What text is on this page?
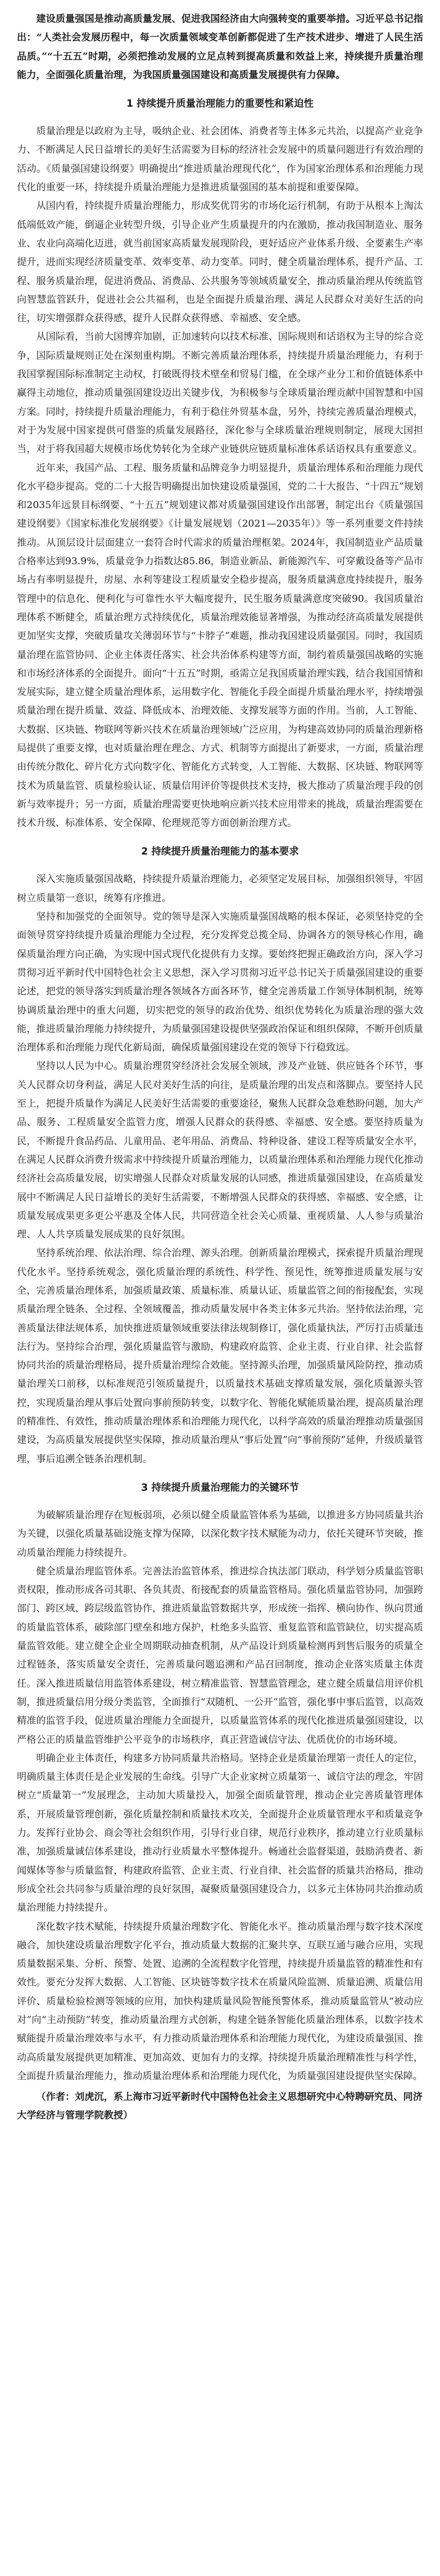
建设质量强国是推动高质量发展、促进我国经济由大向强转变的重要举措。习近平总书记指出：“人类社会发展历程中，每一次质量领域变革创新都促进了生产技术进步、增进了人民生活品质。”“十五五”时期，必须把推动发展的立足点转到提高质量和效益上来，持续提升质量治理能力，全面强化质量治理，为我国质量强国建设和高质量发展提供有力保障。

1 持续提升质量治理能力的重要性和紧迫性

质量治理是以政府为主导，吸纳企业、社会团体、消费者等主体多元共治，以提高产业竞争力、不断满足人民日益增长的美好生活需要为目标的经济社会发展中的质量问题进行有效治理的活动。《质量强国建设纲要》明确提出“推进质量治理现代化”，作为国家治理体系和治理能力现代化的重要一环，持续提升质量治理能力是推进质量强国的基本前提和重要保障。

从国内看，持续提升质量治理能力，形成奖优罚劣的市场化运行机制，有助于从根本上淘汰低端低效产能，倒逼企业转型升级，引导企业产生质量提升的内在激励，推动我国制造业、服务业、农业向高端化迈进，就当前国家高质量发展现阶段，更好适应产业体系升级、全要素生产率提升，进而实现经济质量变革、效率变革、动力变革。同时，健全质量治理体系，提升产品、工程、服务质量治理，促进消费品、消费品、公共服务等领域质量安全，推动质量治理从传统监管向智慧监管跃升，促进社会公共福利，也是全面提升质量治理、满足人民群众对美好生活的向往，切实增强群众获得感，提升人民群众获得感、幸福感、安全感。

从国际看，当前大国博弈加剧，正加速转向以技术标准、国际规则和话语权为主导的综合竞争，国际质量规则正处在深刻重构期。不断完善质量治理体系，持续提升质量治理能力，有利于我国掌握国际标准制定主动权，打破既得技术壁垒和贸易门槛，在全球产业分工和价值链体系中赢得主动地位，推动质量强国建设迈出关键步伐，为积极参与全球质量治理贡献中国智慧和中国方案。同时，持续提升质量治理能力，有利于稳住外贸基本盘，另外，持续完善质量治理模式，对于为发展中国家提供可借鉴的质量发展路径，深化参与全球质量治理规则制定，展现大国担当，对于将我国超大规模市场优势转化为全球产业链供应链质量标准体系话语权具有重要意义。

近年来，我国产品、工程、服务质量和品牌竞争力明显提升，质量治理体系和治理能力现代化水平稳步提高。党的二十大报告明确提出加快建设质量强国，党的二十大报告、“十四五”规划和2035年远景目标纲要、“十五五”规划建议都对质量强国建设作出部署，制定出台《质量强国建设纲要》《国家标准化发展纲要》《计量发展规划（2021—2035年）》等一系列重要文件持续推动。从顶层设计层面建立一套符合时代需求的质量治理框架。2024年，我国制造业产品质量合格率达到93.9%，质量竞争力指数达85.86，制造业新品、新能源汽车、可穿戴设备等产品市场占有率明显提升，房屋、水利等建设工程质量安全稳步提高，服务质量满意度持续提升，服务管理中的信息化、便利化与可靠性水平大幅度提升，民生服务质量满意度突破90。我国质量治理体系不断健全，质量治理方式持续优化，质量治理效能显著增强，为推动经济高质量发展提供更加坚实支撑，突破质量攻关薄弱环节与“卡脖子”难题，推动我国建设质量强国。同时，我国质量治理在监管协同、企业主体责任落实、社会共治体系构建等方面，制约着质量强国战略的实施和市场经济体系的全面提升。面向“十五五”时期，亟需立足我国质量治理实践，结合我国国情和发展实际，建立健全质量治理体系，运用数字化、智能化手段全面提升质量治理水平，持续增强质量治理在提升质量、效益、降低成本、治理效能、支撑发展等方面的作用。当前，人工智能、大数据、区块链、物联网等新兴技术在质量治理领域广泛应用，为构建高效协同的质量治理新格局提供了重要支撑，也对质量治理在理念、方式、机制等方面提出了新要求，一方面，质量治理由传统分散化、碎片化方式向数字化、智能化方式转变，人工智能、大数据、区块链、物联网等技术为质量监管、质量检验认证、质量信用评价等提供技术支持，极大推动了质量治理手段的创新与效率提升；另一方面，质量治理需要更快地响应新兴技术应用带来的挑战，质量治理需要在技术升级、标准体系、安全保障、伦理规范等方面创新治理方式。

2 持续提升质量治理能力的基本要求

深入实施质量强国战略，持续提升质量治理能力，必须坚定发展目标，加强组织领导，牢固树立质量第一意识，统筹有序推进。

坚持和加强党的全面领导。党的领导是深入实施质量强国战略的根本保证，必须坚持党的全面领导贯穿持续提升质量治理能力全过程，充分发挥党总揽全局、协调各方的领导核心作用，确保质量治理方向正确，为实现中国式现代化提供有力支撑。要始终把握正确政治方向，深入学习贯彻习近平新时代中国特色社会主义思想，深入学习贯彻习近平总书记关于质量强国建设的重要论述，把党的领导落实到质量治理各领域各方面各环节，健全完善质量工作领导体制机制，统筹协调质量治理中的重大问题，切实把党的领导的政治优势、组织优势转化为质量治理的强大效能，推进质量治理能力持续提升，为质量强国建设提供坚强政治保证和组织保障，不断开创质量治理体系和治理能力现代化新局面，确保质量强国建设在党的领导下行稳致远。

坚持以人民为中心。质量治理贯穿经济社会发展全领域，涉及产业链、供应链各个环节，事关人民群众切身利益，满足人民对美好生活的向往，是质量治理的出发点和落脚点。要坚持人民至上，把提升质量作为满足人民美好生活需要的重要途径，聚焦人民群众急难愁盼问题，加大产品、服务、工程质量安全监管力度，增强人民群众的获得感、幸福感、安全感。要坚持质量为民，不断提升食品药品、儿童用品、老年用品、消费品、特种设备、建设工程等质量安全水平，在满足人民群众消费升级需求中持续提升质量治理能力，以质量治理体系和治理能力现代化推动经济社会高质量发展，切实增强人民群众对质量发展的认同感，推进质量强国建设，在高质量发展中不断满足人民日益增长的美好生活需要，不断增强人民群众的获得感、幸福感、安全感，让质量发展成果更多更公平惠及全体人民，共同营造全社会关心质量、重视质量、人人参与质量治理、人人共享质量发展成果的良好氛围。

坚持系统治理、依法治理、综合治理、源头治理。创新质量治理模式，探索提升质量治理现代化水平。坚持系统观念，强化质量治理的系统性、科学性、预见性，统筹推进质量发展与安全，完善质量治理体系，加强质量政策、质量标准、质量认证、质量监管之间的衔接配套，实现质量治理全链条、全过程、全领域覆盖，推动质量发展中各类主体多元共治。坚持依法治理，完善质量法律法规体系，加快推进质量领域重要法律法规制修订，强化质量执法，严厉打击质量违法行为。坚持综合治理，强化质量监管与激励，构建政府监管、企业主责、行业自律、社会监督协同共治的质量治理格局，提升质量治理综合效能。坚持源头治理，加强质量风险防控，推动质量治理关口前移，以标准规范引领质量提升，以质量技术基础支撑质量发展，强化质量源头管控，实现质量治理从事后处置向事前预防转变，以数字化、智能化赋能质量治理，提高质量治理的精准性、有效性，推动质量治理体系和治理能力现代化，以科学高效的质量治理推动质量强国建设，为高质量发展提供坚实保障，推动质量治理从“事后处置”向“事前预防”延伸，升级质量管理，事后追溯全链条治理机制。

3 持续提升质量治理能力的关键环节

为破解质量治理存在短板弱项，必须以健全质量监管体系为基础，以推进多方协同质量共治为关键，以强化质量基础设施支撑为保障，以深化数字技术赋能为动力，依托关键环节突破，推动质量治理能力持续提升。

健全质量治理监管体系。完善法治监管体系，推进综合执法部门联动，科学划分质量监管职责权限，推动形成各司其职、各负其责、衔接配套的质量监管格局。强化质量监管协同，加强跨部门、跨区域、跨层级监管协作，推进质量监管数据共享，形成统一指挥、横向协作、纵向贯通的质量监管体系，破除部门壁垒和地方保护，杜绝多头监管、重复监管和监管缺位，切实提高质量监管效能。建立健全企业全周期联动抽查机制，从产品设计到质量检测再到售后服务的质量全过程链条，落实质量安全责任，完善质量问题追溯和产品召回制度，推动企业落实质量主体责任。深入推进质量信用监管体系建设，树立精准监管、智慧监管理念，建立健全质量信用评价机制，推进质量信用分级分类监管，全面推行“双随机、一公开”监管，强化事中事后监管，以高效精准的监管手段，促进质量治理能力全面提升，以质量监管体系的现代化推进质量强国建设，以严格公正的质量监管维护公平竞争的市场秩序，真正营造诚信守法、优质优价的市场环境。

明确企业主体责任，构建多方协同质量共治格局。坚持企业是质量治理第一责任人的定位，明确质量主体责任是企业发展的生命线。引导广大企业家树立质量第一、诚信守法的理念，牢固树立“质量第一”发展理念，主动加大质量投入，加强全面质量管理，推动企业完善质量管理体系，开展质量管理创新，强化质量控制和质量技术攻关，全面提升企业质量管理水平和质量竞争力。发挥行业协会、商会等社会组织作用，引导行业自律，规范行业秩序，推动建立行业质量标准，加强质量诚信体系建设，推动行业质量水平整体提升。畅通社会监督渠道，鼓励消费者、新闻媒体等参与质量监督，构建政府监管、企业主责、行业自律、社会监督的质量共治格局，推动形成全社会共同参与质量治理的良好氛围，凝聚质量强国建设合力，以多元主体协同共治推动质量治理能力持续提升。

深化数字技术赋能，持续提升质量治理数字化、智能化水平。推动质量治理与数字技术深度融合，加快建设质量治理数字化平台，推动质量大数据的汇聚共享、互联互通与融合应用，实现质量数据采集、分析、预警、处置、追溯的全流程数字化管理，持续提升质量监管的精准性和有效性。要充分发挥大数据、人工智能、区块链等数字技术在质量风险监测、质量追溯、质量信用评价、质量检验检测等领域的应用，加快构建质量风险智能预警体系，推动质量监管从“被动应对”向“主动预防”转变，推动质量治理方式创新，构建全链条智能化质量治理体系，以数字技术赋能提升质量治理效率与水平，有力推动质量治理体系和治理能力现代化，为建设质量强国、推动高质量发展提供更加精准、更加高效、更加有力的支撑。持续提升质量治理精准性与科学性，全面提升质量治理能力，推动质量治理体系和治理能力现代化，为质量强国建设提供坚实保障。

（作者：刘虎沉，系上海市习近平新时代中国特色社会主义思想研究中心特聘研究员、同济大学经济与管理学院教授）
